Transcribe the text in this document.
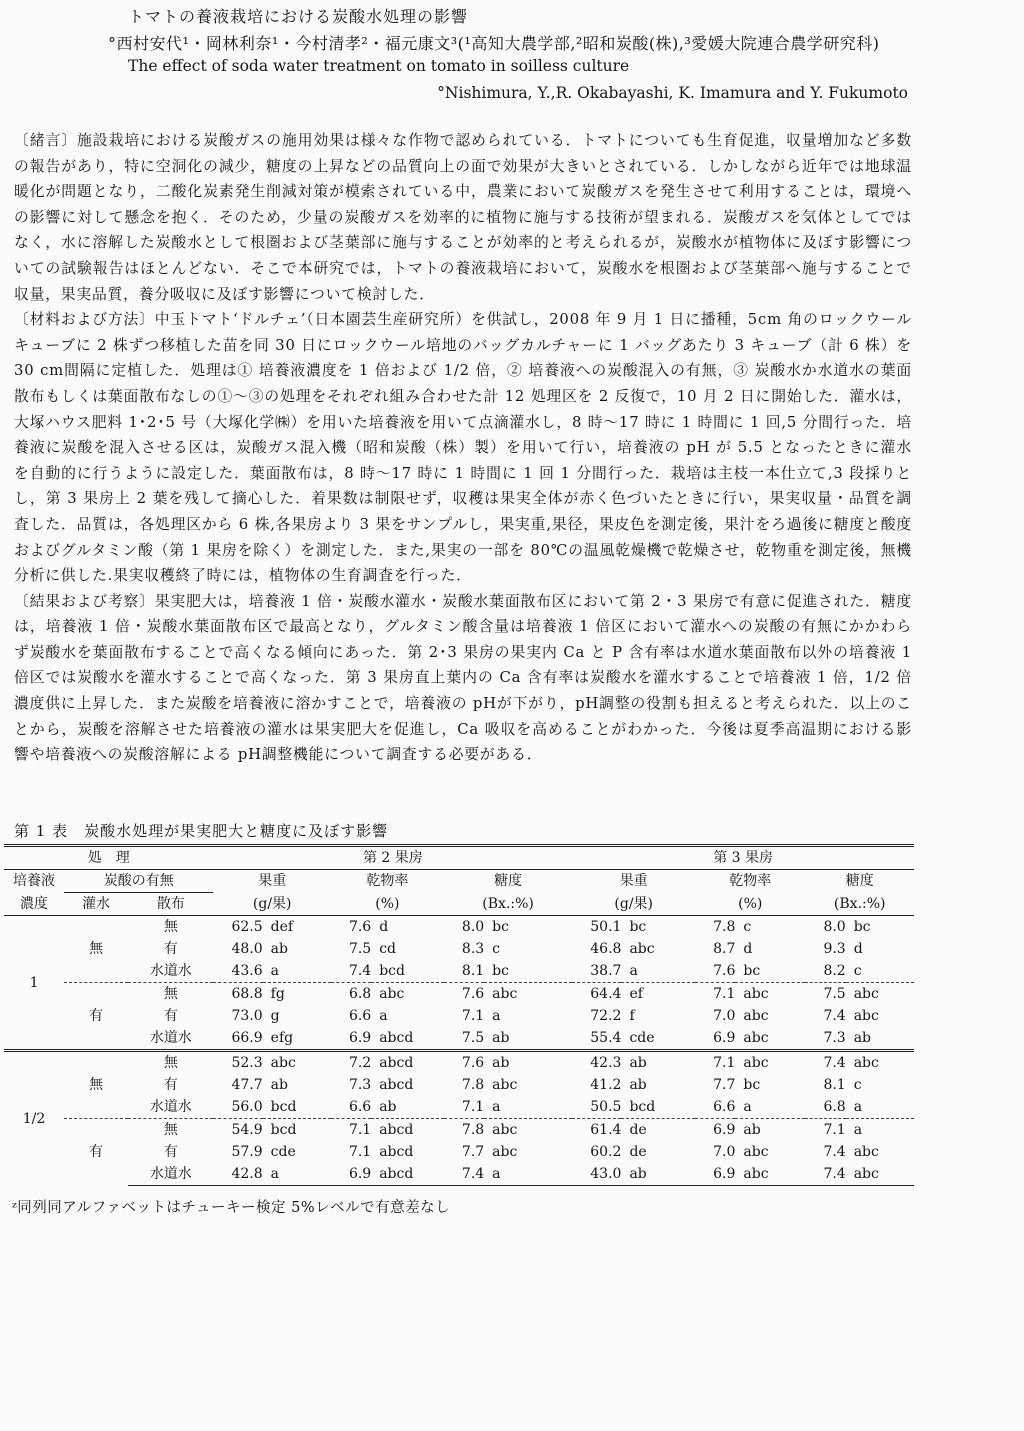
トマトの養液栽培における炭酸水処理の影響
°西村安代¹・岡林利奈¹・今村清孝²・福元康文³(¹高知大農学部,²昭和炭酸(株),³愛媛大院連合農学研究科)
The effect of soda water treatment on tomato in soilless culture
°Nishimura, Y.,R. Okabayashi, K. Imamura and Y. Fukumoto

〔緒言〕施設栽培における炭酸ガスの施用効果は様々な作物で認められている．トマトについても生育促進，収量増加など多数の報告があり，特に空洞化の減少，糖度の上昇などの品質向上の面で効果が大きいとされている．しかしながら近年では地球温暖化が問題となり，二酸化炭素発生削減対策が模索されている中，農業において炭酸ガスを発生させて利用することは，環境への影響に対して懸念を抱く．そのため，少量の炭酸ガスを効率的に植物に施与する技術が望まれる．炭酸ガスを気体としてではなく，水に溶解した炭酸水として根圏および茎葉部に施与することが効率的と考えられるが，炭酸水が植物体に及ぼす影響についての試験報告はほとんどない．そこで本研究では，トマトの養液栽培において，炭酸水を根圏および茎葉部へ施与することで収量，果実品質，養分吸収に及ぼす影響について検討した．

〔材料および方法〕中玉トマト‘ドルチェ’（日本園芸生産研究所）を供試し，2008 年 9 月 1 日に播種，5cm 角のロックウールキューブに 2 株ずつ移植した苗を同 30 日にロックウール培地のバッグカルチャーに 1 バッグあたり 3 キューブ（計 6 株）を 30 cm間隔に定植した．処理は① 培養液濃度を 1 倍および 1/2 倍，② 培養液への炭酸混入の有無，③ 炭酸水か水道水の葉面散布もしくは葉面散布なしの①～③の処理をそれぞれ組み合わせた計 12 処理区を 2 反復で，10 月 2 日に開始した．灌水は，大塚ハウス肥料 1･2･5 号（大塚化学㈱）を用いた培養液を用いて点滴灌水し，8 時～17 時に 1 時間に 1 回,5 分間行った．培養液に炭酸を混入させる区は，炭酸ガス混入機（昭和炭酸（株）製）を用いて行い，培養液の pH が 5.5 となったときに灌水を自動的に行うように設定した．葉面散布は，8 時～17 時に 1 時間に 1 回 1 分間行った．栽培は主枝一本仕立て,3 段採りとし，第 3 果房上 2 葉を残して摘心した．着果数は制限せず，収穫は果実全体が赤く色づいたときに行い，果実収量・品質を調査した．品質は，各処理区から 6 株,各果房より 3 果をサンプルし，果実重,果径，果皮色を測定後，果汁をろ過後に糖度と酸度およびグルタミン酸（第 1 果房を除く）を測定した．また,果実の一部を 80℃の温風乾燥機で乾燥させ，乾物重を測定後，無機分析に供した.果実収穫終了時には，植物体の生育調査を行った．

〔結果および考察〕果実肥大は，培養液 1 倍・炭酸水灌水・炭酸水葉面散布区において第 2・3 果房で有意に促進された．糖度は，培養液 1 倍・炭酸水葉面散布区で最高となり，グルタミン酸含量は培養液 1 倍区において灌水への炭酸の有無にかかわらず炭酸水を葉面散布することで高くなる傾向にあった．第 2･3 果房の果実内 Ca と P 含有率は水道水葉面散布以外の培養液 1 倍区では炭酸水を灌水することで高くなった．第 3 果房直上葉内の Ca 含有率は炭酸水を灌水することで培養液 1 倍，1/2 倍濃度供に上昇した．また炭酸を培養液に溶かすことで，培養液の pHが下がり，pH調整の役割も担えると考えられた．以上のことから，炭酸を溶解させた培養液の灌水は果実肥大を促進し，Ca 吸収を高めることがわかった．今後は夏季高温期における影響や培養液への炭酸溶解による pH調整機能について調査する必要がある．

第 1 表　炭酸水処理が果実肥大と糖度に及ぼす影響
処　理			第 2 果房						第 3 果房					
培養液	炭酸の有無		果重		乾物率		糖度		果重		乾物率		糖度	
濃度	灌水	散布	(g/果)		(%)		(Bx.:%)		(g/果)		(%)		(Bx.:%)	
1	無	無	62.5	def	7.6	d	8.0	bc	50.1	bc	7.8	c	8.0	bc
		有	48.0	ab	7.5	cd	8.3	c	46.8	abc	8.7	d	9.3	d
		水道水	43.6	a	7.4	bcd	8.1	bc	38.7	a	7.6	bc	8.2	c
	有	無	68.8	fg	6.8	abc	7.6	abc	64.4	ef	7.1	abc	7.5	abc
		有	73.0	g	6.6	a	7.1	a	72.2	f	7.0	abc	7.4	abc
		水道水	66.9	efg	6.9	abcd	7.5	ab	55.4	cde	6.9	abc	7.3	ab
1/2	無	無	52.3	abc	7.2	abcd	7.6	ab	42.3	ab	7.1	abc	7.4	abc
		有	47.7	ab	7.3	abcd	7.8	abc	41.2	ab	7.7	bc	8.1	c
		水道水	56.0	bcd	6.6	ab	7.1	a	50.5	bcd	6.6	a	6.8	a
	有	無	54.9	bcd	7.1	abcd	7.8	abc	61.4	de	6.9	ab	7.1	a
		有	57.9	cde	7.1	abcd	7.7	abc	60.2	de	7.0	abc	7.4	abc
		水道水	42.8	a	6.9	abcd	7.4	a	43.0	ab	6.9	abc	7.4	abc
ᶻ同列同アルファベットはチューキー検定 5%レベルで有意差なし
